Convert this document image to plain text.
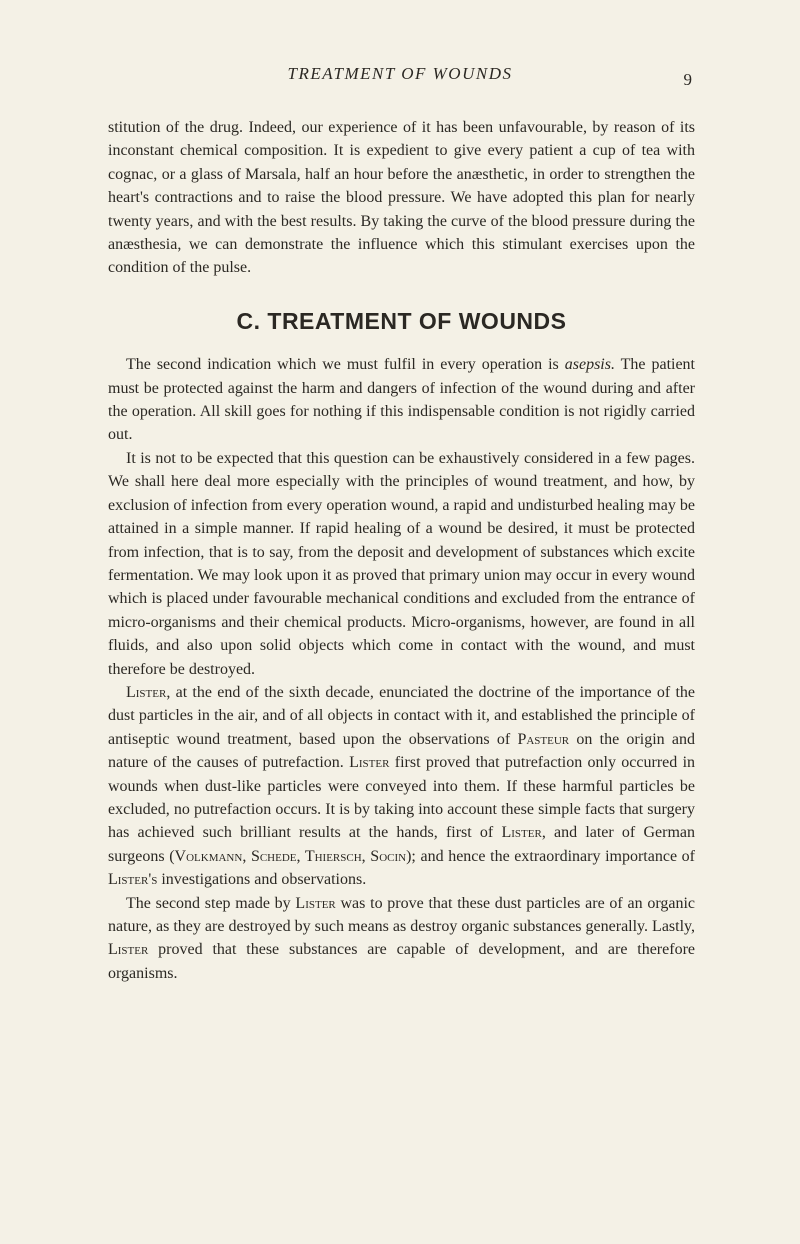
TREATMENT OF WOUNDS	9

stitution of the drug. Indeed, our experience of it has been unfavourable, by reason of its inconstant chemical composition. It is expedient to give every patient a cup of tea with cognac, or a glass of Marsala, half an hour before the anæsthetic, in order to strengthen the heart's contractions and to raise the blood pressure. We have adopted this plan for nearly twenty years, and with the best results. By taking the curve of the blood pressure during the anæsthesia, we can demonstrate the influence which this stimulant exercises upon the condition of the pulse.

C. TREATMENT OF WOUNDS

The second indication which we must fulfil in every operation is asepsis. The patient must be protected against the harm and dangers of infection of the wound during and after the operation. All skill goes for nothing if this indispensable condition is not rigidly carried out.

It is not to be expected that this question can be exhaustively considered in a few pages. We shall here deal more especially with the principles of wound treatment, and how, by exclusion of infection from every operation wound, a rapid and undisturbed healing may be attained in a simple manner. If rapid healing of a wound be desired, it must be protected from infection, that is to say, from the deposit and development of substances which excite fermentation. We may look upon it as proved that primary union may occur in every wound which is placed under favourable mechanical conditions and excluded from the entrance of micro-organisms and their chemical products. Micro-organisms, however, are found in all fluids, and also upon solid objects which come in contact with the wound, and must therefore be destroyed.

Lister, at the end of the sixth decade, enunciated the doctrine of the importance of the dust particles in the air, and of all objects in contact with it, and established the principle of antiseptic wound treatment, based upon the observations of Pasteur on the origin and nature of the causes of putrefaction. Lister first proved that putrefaction only occurred in wounds when dust-like particles were conveyed into them. If these harmful particles be excluded, no putrefaction occurs. It is by taking into account these simple facts that surgery has achieved such brilliant results at the hands, first of Lister, and later of German surgeons (Volkmann, Schede, Thiersch, Socin); and hence the extraordinary importance of Lister's investigations and observations.

The second step made by Lister was to prove that these dust particles are of an organic nature, as they are destroyed by such means as destroy organic substances generally. Lastly, Lister proved that these substances are capable of development, and are therefore organisms.
